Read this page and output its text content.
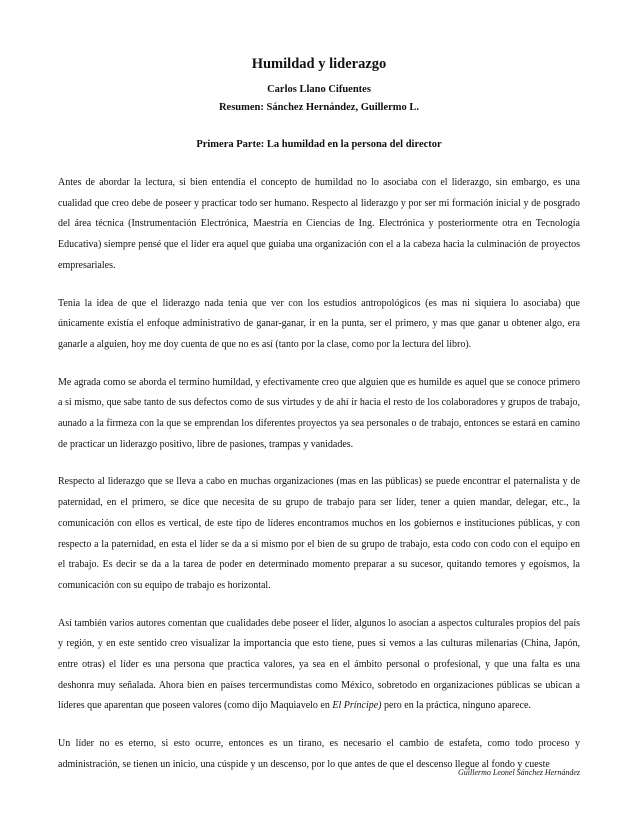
Humildad y liderazgo
Carlos Llano Cifuentes
Resumen: Sánchez Hernández, Guillermo L.
Primera Parte: La humildad en la persona del director

Antes de abordar la lectura, si bien entendía el concepto de humildad no lo asociaba con el liderazgo, sin embargo, es una cualidad que creo debe de poseer y practicar todo ser humano. Respecto al liderazgo y por ser mi formación inicial y de posgrado del área técnica (Instrumentación Electrónica, Maestría en Ciencias de Ing. Electrónica y posteriormente otra en Tecnología Educativa) siempre pensé que el líder era aquel que guiaba una organización con el a la cabeza hacia la culminación de proyectos empresariales.

Tenia la idea de que el liderazgo nada tenia que ver con los estudios antropológicos (es mas ni siquiera lo asociaba) que únicamente existía el enfoque administrativo de ganar-ganar, ir en la punta, ser el primero, y mas que ganar u obtener algo, era ganarle a alguien, hoy me doy cuenta de que no es así (tanto por la clase, como por la lectura del libro).

Me agrada como se aborda el termino humildad, y efectivamente creo que alguien que es humilde es aquel que se conoce primero a si mismo, que sabe tanto de sus defectos como de sus virtudes y de ahí ir hacia el resto de los colaboradores y grupos de trabajo, aunado a la firmeza con la que se emprendan los diferentes proyectos ya sea personales o de trabajo, entonces se estará en camino de practicar un liderazgo positivo, libre de pasiones, trampas y vanidades.

Respecto al liderazgo que se lleva a cabo en muchas organizaciones (mas en las públicas) se puede encontrar el paternalista y de paternidad, en el primero, se dice que necesita de su grupo de trabajo para ser líder, tener a quien mandar, delegar, etc., la comunicación con ellos es vertical, de este tipo de líderes encontramos muchos en los gobiernos e instituciones públicas, y con respecto a la paternidad, en esta el líder se da a si mismo por el bien de su grupo de trabajo, esta codo con codo con el equipo en el trabajo. Es decir se da a la tarea de poder en determinado momento preparar a su sucesor, quitando temores y egoísmos, la comunicación con su equipo de trabajo es horizontal.

Así también varios autores comentan que cualidades debe poseer el líder, algunos lo asocian a aspectos culturales propios del país y región, y en este sentido creo visualizar la importancia que esto tiene, pues si vemos a las culturas milenarias (China, Japón, entre otras) el líder es una persona que practica valores, ya sea en el ámbito personal o profesional, y que una falta es una deshonra muy señalada. Ahora bien en países tercermundistas como México, sobretodo en organizaciones públicas se ubican a líderes que aparentan que poseen valores (como dijo Maquiavelo en El Príncipe) pero en la práctica, ninguno aparece.

Un líder no es eterno, si esto ocurre, entonces es un tirano, es necesario el cambio de estafeta, como todo proceso y administración, se tienen un inicio, una cúspide y un descenso, por lo que antes de que el descenso llegue al fondo y cueste

Guillermo Leonel Sánchez Hernández
